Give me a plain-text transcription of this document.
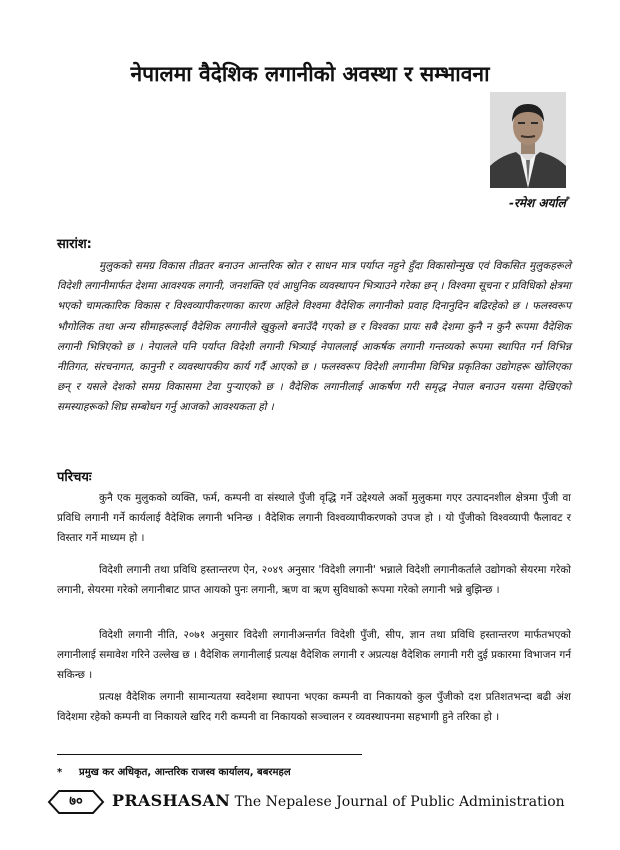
नेपालमा वैदेशिक लगानीको अवस्था र सम्भावना
-रमेश अर्याल*
सारांश:

मुलुकको समग्र विकास तीव्रतर बनाउन आन्तरिक स्रोत र साधन मात्र पर्याप्त नहुने हुँदा विकासोन्मुख एवं विकसित मुलुकहरूले विदेशी लगानीमार्फत देशमा आवश्यक लगानी, जनशक्ति एवं आधुनिक व्यवस्थापन भित्र्याउने गरेका छन् । विश्वमा सूचना र प्रविधिको क्षेत्रमा भएको चामत्कारिक विकास र विश्वव्यापीकरणका कारण अहिले विश्वमा वैदेशिक लगानीको प्रवाह दिनानुदिन बढिरहेको छ । फलस्वरूप भौगोलिक तथा अन्य सीमाहरूलाई वैदेशिक लगानीले खुकुलो बनाउँदै गएको छ र विश्वका प्रायः सबै देशमा कुनै न कुनै रूपमा वैदेशिक लगानी भित्रिएको छ । नेपालले पनि पर्याप्त विदेशी लगानी भित्र्याई नेपाललाई आकर्षक लगानी गन्तव्यको रूपमा स्थापित गर्न विभिन्न नीतिगत, संरचनागत, कानुनी र व्यवस्थापकीय कार्य गर्दै आएको छ । फलस्वरूप विदेशी लगानीमा विभिन्न प्रकृतिका उद्योगहरू खोलिएका छन् र यसले देशको समग्र विकासमा टेवा पुऱ्याएको छ । वैदेशिक लगानीलाई आकर्षण गरी समृद्ध नेपाल बनाउन यसमा देखिएको समस्याहरूको शिघ्र सम्बोधन गर्नु आजको आवश्यकता हो ।

परिचयः

कुनै एक मुलुकको व्यक्ति, फर्म, कम्पनी वा संस्थाले पुँजी वृद्धि गर्ने उद्देश्यले अर्को मुलुकमा गएर उत्पादनशील क्षेत्रमा पुँजी वा प्रविधि लगानी गर्ने कार्यलाई वैदेशिक लगानी भनिन्छ । वैदेशिक लगानी विश्वव्यापीकरणको उपज हो । यो पुँजीको विश्वव्यापी फैलावट र विस्तार गर्ने माध्यम हो ।

विदेशी लगानी तथा प्रविधि हस्तान्तरण ऐन, २०४९ अनुसार 'विदेशी लगानी' भन्नाले विदेशी लगानीकर्ताले उद्योगको सेयरमा गरेको लगानी, सेयरमा गरेको लगानीबाट प्राप्त आयको पुनः लगानी, ऋण वा ऋण सुविधाको रूपमा गरेको लगानी भन्ने बुझिन्छ ।

विदेशी लगानी नीति, २०७१ अनुसार विदेशी लगानीअन्तर्गत विदेशी पुँजी, सीप, ज्ञान तथा प्रविधि हस्तान्तरण मार्फतभएको लगानीलाई समावेश गरिने उल्लेख छ । वैदेशिक लगानीलाई प्रत्यक्ष वैदेशिक लगानी र अप्रत्यक्ष वैदेशिक लगानी गरी दुई प्रकारमा विभाजन गर्न सकिन्छ ।

प्रत्यक्ष वैदेशिक लगानी सामान्यतया स्वदेशमा स्थापना भएका कम्पनी वा निकायको कुल पुँजीको दश प्रतिशतभन्दा बढी अंश विदेशमा रहेको कम्पनी वा निकायले खरिद गरी कम्पनी वा निकायको सञ्चालन र व्यवस्थापनमा सहभागी हुने तरिका हो ।

* प्रमुख कर अधिकृत, आन्तरिक राजस्व कार्यालय, बबरमहल
७०	PRASHASAN The Nepalese Journal of Public Administration
